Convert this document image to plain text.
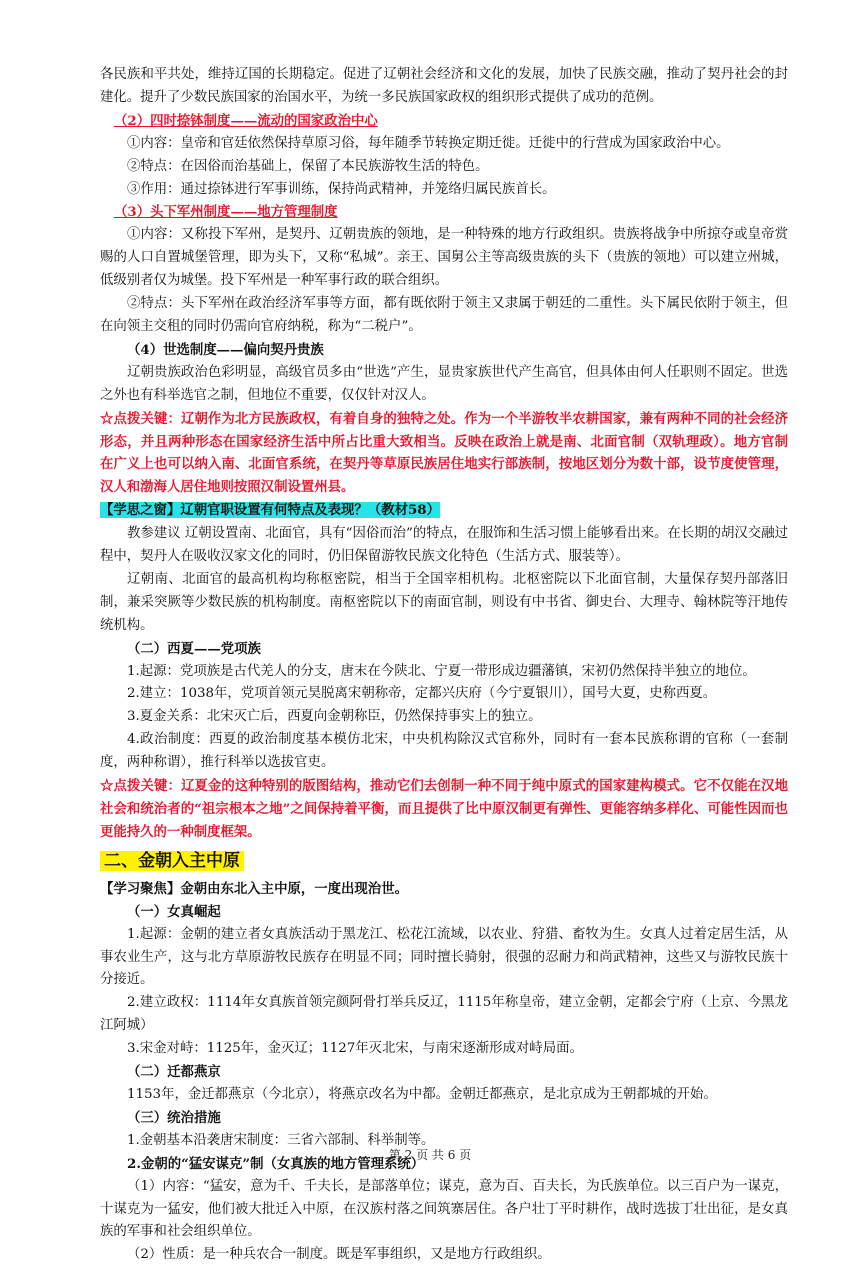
各民族和平共处，维持辽国的长期稳定。促进了辽朝社会经济和文化的发展，加快了民族交融，推动了契丹社会的封建化。提升了少数民族国家的治国水平，为统一多民族国家政权的组织形式提供了成功的范例。

（2）四时捺钵制度——流动的国家政治中心

①内容：皇帝和官廷依然保持草原习俗，每年随季节转换定期迁徙。迁徙中的行营成为国家政治中心。

②特点：在因俗而治基础上，保留了本民族游牧生活的特色。

③作用：通过捺钵进行军事训练，保持尚武精神，并笼络归属民族首长。

（3）头下军州制度——地方管理制度

①内容：又称投下军州，是契丹、辽朝贵族的领地，是一种特殊的地方行政组织。贵族将战争中所掠夺或皇帝赏赐的人口自置城堡管理，即为头下，又称“私城”。亲王、国舅公主等高级贵族的头下（贵族的领地）可以建立州城，低级别者仅为城堡。投下军州是一种军事行政的联合组织。

②特点：头下军州在政治经济军事等方面，都有既依附于领主又隶属于朝廷的二重性。头下属民依附于领主，但在向领主交租的同时仍需向官府纳税，称为“二税户”。

（4）世选制度——偏向契丹贵族

辽朝贵族政治色彩明显，高级官员多由“世选”产生，显贵家族世代产生高官，但具体由何人任职则不固定。世选之外也有科举选官之制，但地位不重要，仅仅针对汉人。

☆点拨关键：辽朝作为北方民族政权，有着自身的独特之处。作为一个半游牧半农耕国家，兼有两种不同的社会经济形态，并且两种形态在国家经济生活中所占比重大致相当。反映在政治上就是南、北面官制（双轨理政）。地方官制在广义上也可以纳入南、北面官系统，在契丹等草原民族居住地实行部族制，按地区划分为数十部，设节度使管理，汉人和渤海人居住地则按照汉制设置州县。

【学思之窗】辽朝官职设置有何特点及表现？（教材58）

教参建议 辽朝设置南、北面官，具有“因俗而治”的特点，在服饰和生活习惯上能够看出来。在长期的胡汉交融过程中，契丹人在吸收汉家文化的同时，仍旧保留游牧民族文化特色（生活方式、服装等）。

辽朝南、北面官的最高机构均称枢密院，相当于全国宰相机构。北枢密院以下北面官制，大量保存契丹部落旧制，兼采突厥等少数民族的机构制度。南枢密院以下的南面官制，则设有中书省、御史台、大理寺、翰林院等汗地传统机构。

（二）西夏——党项族

1.起源：党项族是古代羌人的分支，唐末在今陕北、宁夏一带形成边疆藩镇，宋初仍然保持半独立的地位。

2.建立：1038年，党项首领元昊脱离宋朝称帝，定都兴庆府（今宁夏银川），国号大夏，史称西夏。

3.夏金关系：北宋灭亡后，西夏向金朝称臣，仍然保持事实上的独立。

4.政治制度：西夏的政治制度基本模仿北宋，中央机构除汉式官称外，同时有一套本民族称谓的官称（一套制度，两种称谓），推行科举以选拔官吏。

☆点拨关键：辽夏金的这种特别的版图结构，推动它们去创制一种不同于纯中原式的国家建构模式。它不仅能在汉地社会和统治者的“祖宗根本之地”之间保持着平衡，而且提供了比中原汉制更有弹性、更能容纳多样化、可能性因而也更能持久的一种制度框架。

二、金朝入主中原

【学习聚焦】金朝由东北入主中原，一度出现治世。

（一）女真崛起

1.起源：金朝的建立者女真族活动于黑龙江、松花江流域，以农业、狩猎、畜牧为生。女真人过着定居生活，从事农业生产，这与北方草原游牧民族存在明显不同；同时擅长骑射，很强的忍耐力和尚武精神，这些又与游牧民族十分接近。

2.建立政权：1114年女真族首领完颜阿骨打举兵反辽，1115年称皇帝，建立金朝，定都会宁府（上京、今黑龙江阿城）

3.宋金对峙：1125年，金灭辽；1127年灭北宋，与南宋逐渐形成对峙局面。

（二）迁都燕京

1153年，金迁都燕京（今北京），将燕京改名为中都。金朝迁都燕京，是北京成为王朝都城的开始。

（三）统治措施

1.金朝基本沿袭唐宋制度：三省六部制、科举制等。

2.金朝的“猛安谋克”制（女真族的地方管理系统）

（1）内容：“猛安，意为千、千夫长，是部落单位；谋克，意为百、百夫长，为氏族单位。以三百户为一谋克，十谋克为一猛安，他们被大批迁入中原，在汉族村落之间筑寨居住。各户壮丁平时耕作，战时选拔丁壮出征，是女真族的军事和社会组织单位。

（2）性质：是一种兵农合一制度。既是军事组织，又是地方行政组织。

第 2 页 共 6 页
